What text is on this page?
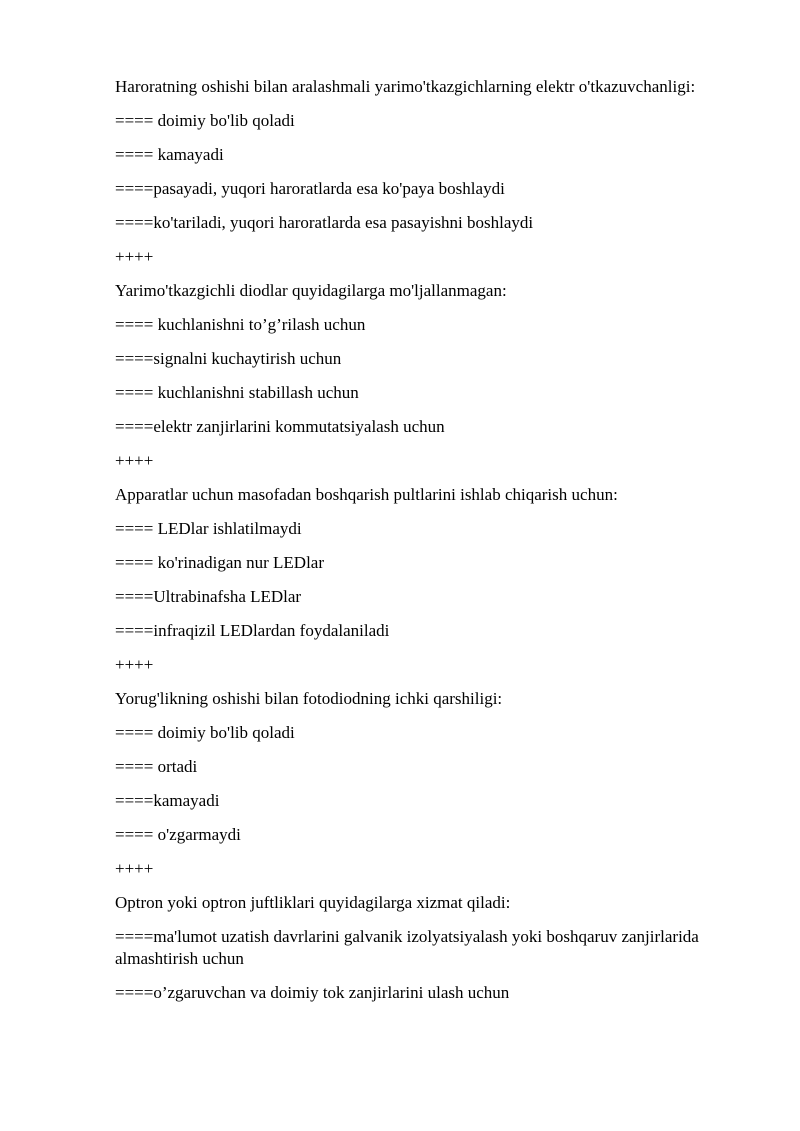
Haroratning oshishi bilan aralashmali yarimo'tkazgichlarning elektr o'tkazuvchanligi:

==== doimiy bo'lib qoladi

==== kamayadi

====pasayadi, yuqori haroratlarda esa ko'paya boshlaydi

====ko'tariladi, yuqori haroratlarda esa pasayishni boshlaydi

++++

Yarimo'tkazgichli diodlar quyidagilarga mo'ljallanmagan:

==== kuchlanishni to’g’rilash uchun

====signalni kuchaytirish uchun

==== kuchlanishni stabillash uchun

====elektr zanjirlarini kommutatsiyalash uchun

++++

Apparatlar uchun masofadan boshqarish pultlarini ishlab chiqarish uchun:

==== LEDlar ishlatilmaydi

==== ko'rinadigan nur LEDlar

====Ultrabinafsha LEDlar

====infraqizil LEDlardan foydalaniladi

++++

Yorug'likning oshishi bilan fotodiodning ichki qarshiligi:

==== doimiy bo'lib qoladi

==== ortadi

====kamayadi

==== o'zgarmaydi

++++

Optron yoki optron juftliklari quyidagilarga xizmat qiladi:

====ma'lumot uzatish davrlarini galvanik izolyatsiyalash yoki boshqaruv zanjirlarida almashtirish uchun

====o’zgaruvchan va doimiy tok zanjirlarini ulash uchun
